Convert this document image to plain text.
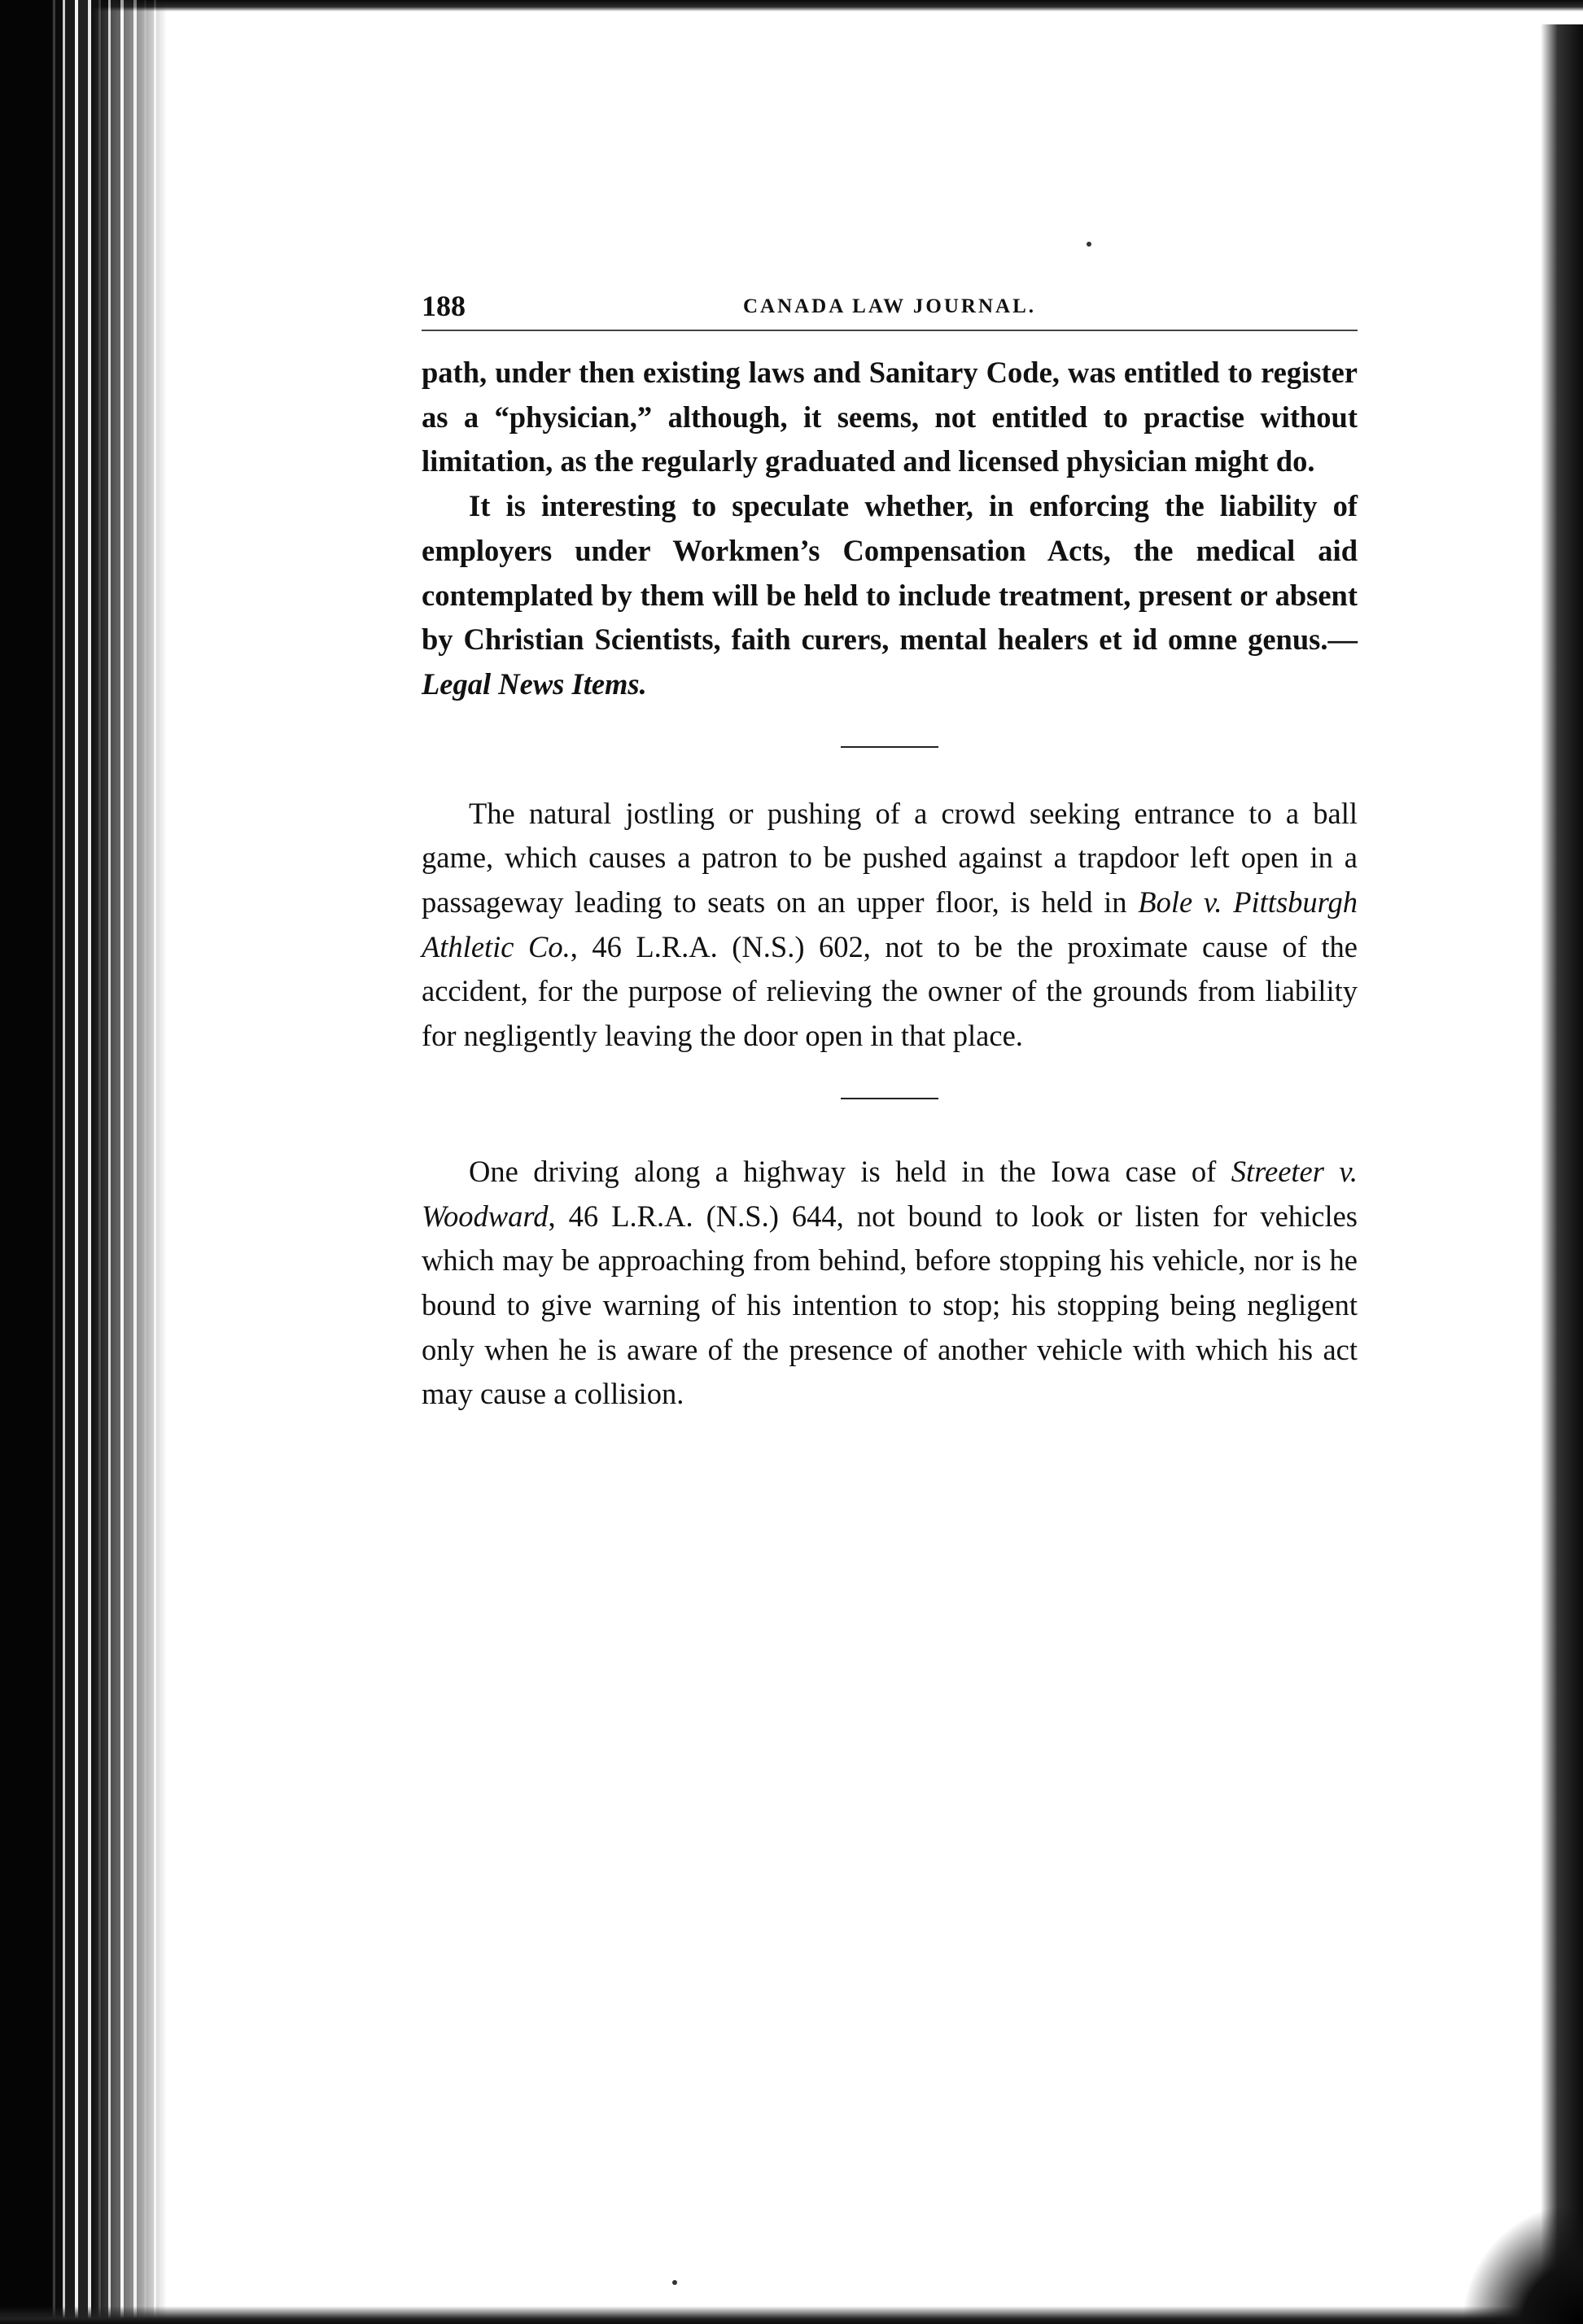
188	CANADA LAW JOURNAL.

path, under then existing laws and Sanitary Code, was entitled to register as a “physician,” although, it seems, not entitled to practise without limitation, as the regularly graduated and licensed physician might do.

It is interesting to speculate whether, in enforcing the liability of employers under Workmen’s Compensation Acts, the medical aid contemplated by them will be held to include treatment, present or absent by Christian Scientists, faith curers, mental healers et id omne genus.—Legal News Items.

The natural jostling or pushing of a crowd seeking entrance to a ball game, which causes a patron to be pushed against a trapdoor left open in a passageway leading to seats on an upper floor, is held in Bole v. Pittsburgh Athletic Co., 46 L.R.A. (N.S.) 602, not to be the proximate cause of the accident, for the purpose of relieving the owner of the grounds from liability for negligently leaving the door open in that place.

One driving along a highway is held in the Iowa case of Streeter v. Woodward, 46 L.R.A. (N.S.) 644, not bound to look or listen for vehicles which may be approaching from behind, before stopping his vehicle, nor is he bound to give warning of his intention to stop; his stopping being negligent only when he is aware of the presence of another vehicle with which his act may cause a collision.
